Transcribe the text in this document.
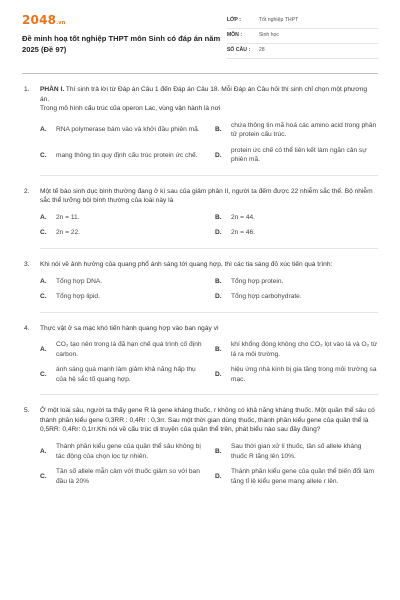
2048.vn
Đề minh hoạ tốt nghiệp THPT môn Sinh có đáp án năm 2025 (Đề 97)
LỚP :	Tốt nghiệp THPT
MÔN :	Sinh học
SỐ CÂU :	28
1.	PHẦN I. Thí sinh trả lời từ Đáp án Câu 1 đến Đáp án Câu 18. Mỗi Đáp án Câu hỏi thí sinh chỉ chọn một phương án.
Trong mô hình cấu trúc của operon Lac, vùng vận hành là nơi
A.	RNA polymerase bám vào và khởi đầu phiên mã. B.
chứa thông tin mã hoá các amino acid trong phân tử protein cấu trúc.
C.	mang thông tin quy định cấu trúc protein ức chế.	D.
protein ức chế có thể liên kết làm ngăn cản sự phiên mã.
2.	Một tế bào sinh dục bình thường đang ở kì sau của giảm phân II, người ta đếm được 22 nhiễm sắc thể. Bộ nhiễm sắc thể lưỡng bội bình thường của loài này là
A.	2n = 11.	B.	2n = 44.
C.	2n = 22.	D.	2n = 46.
3.	Khi nói về ảnh hưởng của quang phổ ánh sáng tới quang hợp, thì các tia sáng đỏ xúc tiến quá trình:
A.	Tổng hợp DNA.	B.	Tổng hợp protein.
C.	Tổng hợp lipid.	D.	Tổng hợp carbohydrate.
4.	Thực vật ở sa mạc khó tiến hành quang hợp vào ban ngày vì
A.
CO₂ tạo nên trong lá đã hạn chế quá trình cố định carbon.
B.
khí khổng đóng không cho CO₂ lọt vào lá và O₂ từ lá ra môi trường.
C.
ánh sáng quá mạnh làm giảm khả năng hấp thụ của hệ sắc tố quang hợp.
D.
hiệu ứng nhà kính bị gia tăng trong môi trường sa mạc.
5.	Ở một loài sâu, người ta thấy gene R là gene kháng thuốc, r không có khả năng kháng thuốc. Một quần thể sâu có thành phần kiểu gene 0,3RR : 0,4Rr : 0,3rr. Sau một thời gian dùng thuốc, thành phần kiểu gene của quần thể là 0,5RR: 0,4Rr: 0,1rr.Khi nói về cấu trúc di truyền của quần thể trên, phát biểu nào sau đây đúng?
A.
Thành phần kiểu gene của quần thể sâu không bị tác động của chọn lọc tự nhiên.
B.
Sau thời gian xử lí thuốc, tần số allele kháng thuốc R tăng lên 10%.
C.
Tần số allele mẫn cảm với thuốc giảm so với ban đầu là 20%
D.
Thành phần kiểu gene của quần thể biến đổi làm tăng tỉ lệ kiểu gene mang allele r lên.
